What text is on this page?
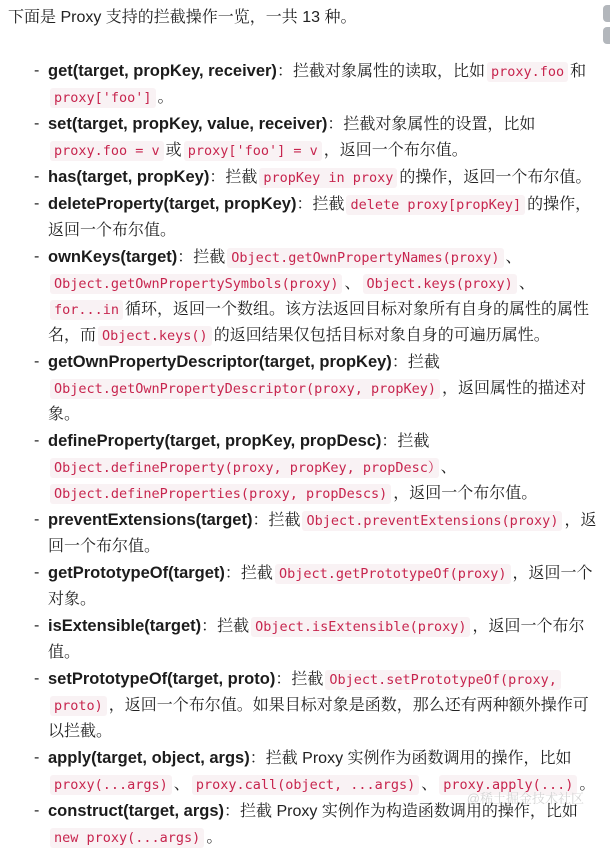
下面是 Proxy 支持的拦截操作一览，一共 13 种。

- get(target, propKey, receiver)：拦截对象属性的读取，比如 proxy.foo 和proxy['foo'] 。
- set(target, propKey, value, receiver)：拦截对象属性的设置，比如proxy.foo = v 或 proxy['foo'] = v ，返回一个布尔值。
- has(target, propKey)：拦截 propKey in proxy 的操作，返回一个布尔值。
- deleteProperty(target, propKey)：拦截 delete proxy[propKey] 的操作，返回一个布尔值。
- ownKeys(target)：拦截 Object.getOwnPropertyNames(proxy) 、Object.getOwnPropertySymbols(proxy) 、 Object.keys(proxy) 、for...in 循环，返回一个数组。该方法返回目标对象所有自身的属性的属性名，而 Object.keys() 的返回结果仅包括目标对象自身的可遍历属性。
- getOwnPropertyDescriptor(target, propKey)：拦截Object.getOwnPropertyDescriptor(proxy, propKey) ，返回属性的描述对象。
- defineProperty(target, propKey, propDesc)：拦截Object.defineProperty(proxy, propKey, propDesc） 、Object.defineProperties(proxy, propDescs) ，返回一个布尔值。
- preventExtensions(target)：拦截 Object.preventExtensions(proxy) ，返回一个布尔值。
- getPrototypeOf(target)：拦截 Object.getPrototypeOf(proxy) ，返回一个对象。
- isExtensible(target)：拦截 Object.isExtensible(proxy) ，返回一个布尔值。
- setPrototypeOf(target, proto)：拦截 Object.setPrototypeOf(proxy, proto) ，返回一个布尔值。如果目标对象是函数，那么还有两种额外操作可以拦截。
- apply(target, object, args)：拦截 Proxy 实例作为函数调用的操作，比如proxy(...args) 、 proxy.call(object, ...args) 、 proxy.apply(...) 。
- construct(target, args)：拦截 Proxy 实例作为构造函数调用的操作，比如new proxy(...args) 。
@稀土掘金技术社区
